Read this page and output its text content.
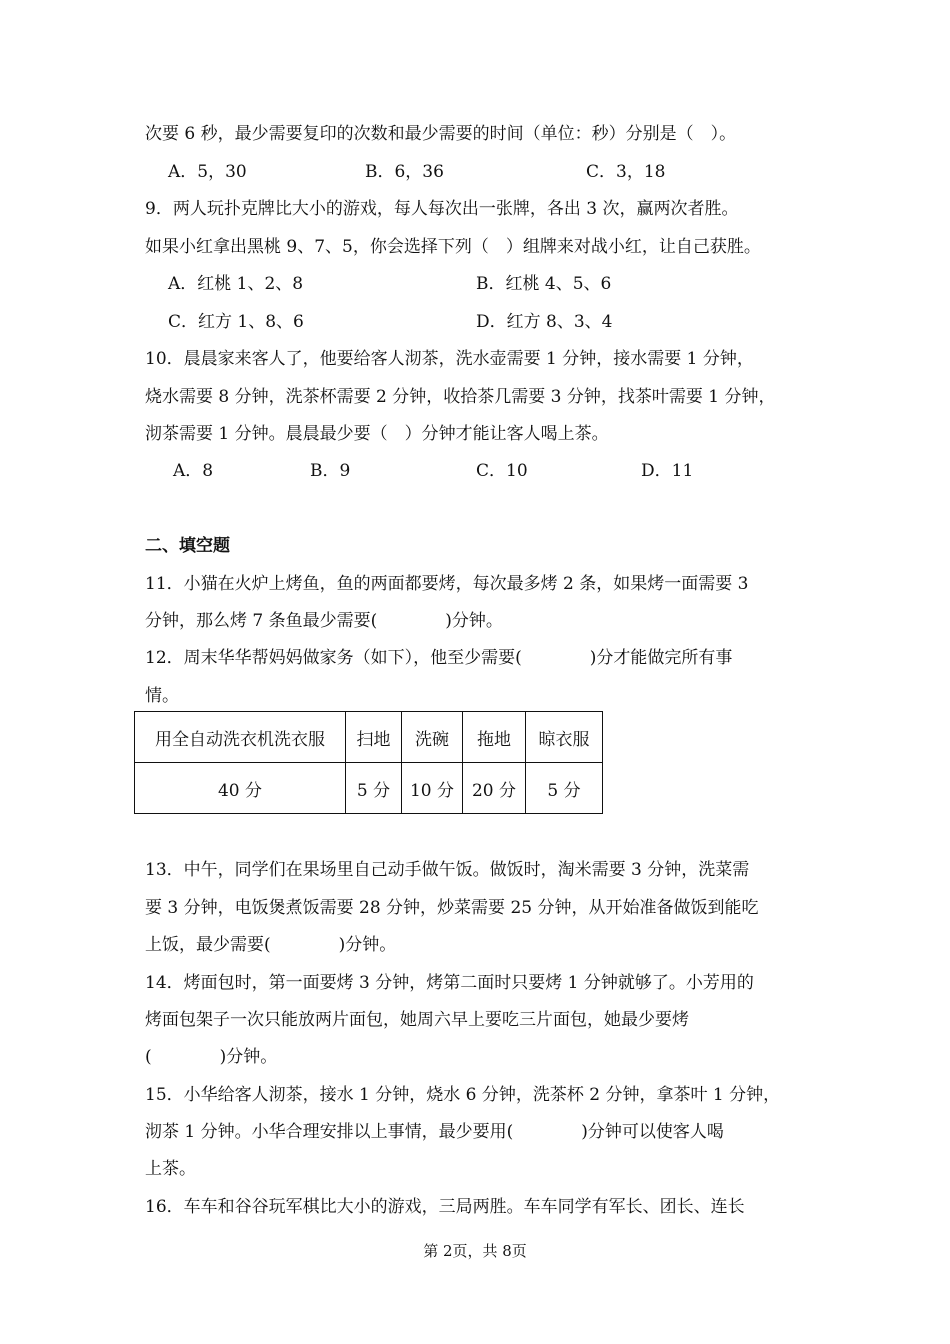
次要 6 秒，最少需要复印的次数和最少需要的时间（单位：秒）分别是（　）。
A．5，30	B．6，36	C．3，18
9．两人玩扑克牌比大小的游戏，每人每次出一张牌，各出 3 次，赢两次者胜。
如果小红拿出黑桃 9、7、5，你会选择下列（　）组牌来对战小红，让自己获胜。
A．红桃 1、2、8	B．红桃 4、5、6
C．红方 1、8、6	D．红方 8、3、4
10．晨晨家来客人了，他要给客人沏茶，洗水壶需要 1 分钟，接水需要 1 分钟，
烧水需要 8 分钟，洗茶杯需要 2 分钟，收拾茶几需要 3 分钟，找茶叶需要 1 分钟，
沏茶需要 1 分钟。晨晨最少要（　）分钟才能让客人喝上茶。
A．8	B．9	C．10	D．11
二、填空题
11．小猫在火炉上烤鱼，鱼的两面都要烤，每次最多烤 2 条，如果烤一面需要 3
分钟，那么烤 7 条鱼最少需要(　　　　)分钟。
12．周末华华帮妈妈做家务（如下），他至少需要(　　　　)分才能做完所有事
情。
用全自动洗衣机洗衣服	扫地	洗碗	拖地	晾衣服
40 分	5 分	10 分	20 分	5 分
13．中午，同学们在果场里自己动手做午饭。做饭时，淘米需要 3 分钟，洗菜需
要 3 分钟，电饭煲煮饭需要 28 分钟，炒菜需要 25 分钟，从开始准备做饭到能吃
上饭，最少需要(　　　　)分钟。
14．烤面包时，第一面要烤 3 分钟，烤第二面时只要烤 1 分钟就够了。小芳用的
烤面包架子一次只能放两片面包，她周六早上要吃三片面包，她最少要烤
(　　　　)分钟。
15．小华给客人沏茶，接水 1 分钟，烧水 6 分钟，洗茶杯 2 分钟，拿茶叶 1 分钟，
沏茶 1 分钟。小华合理安排以上事情，最少要用(　　　　)分钟可以使客人喝
上茶。
16．车车和谷谷玩军棋比大小的游戏，三局两胜。车车同学有军长、团长、连长
第 2页，共 8页
